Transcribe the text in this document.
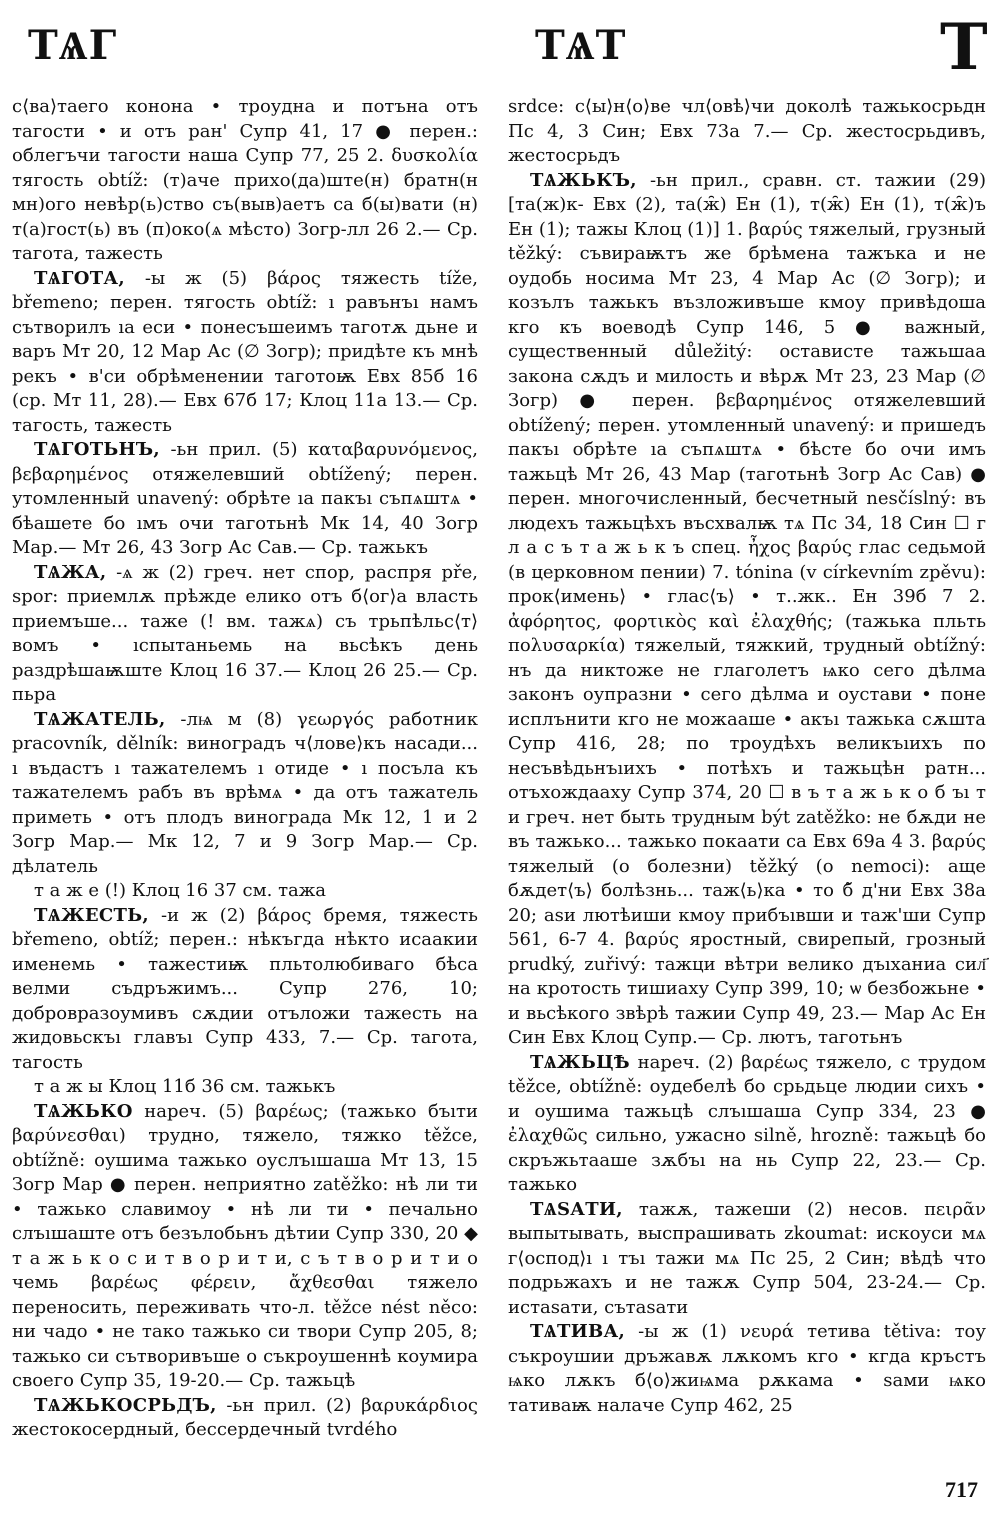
ТѦГ	ТѦТ	Т
с⟨ва⟩таего конона • троуднa и потънa отъ тагости • и отъ ран' Супр 41, 17 ● перен.: облегъчи тагости наша Супр 77, 25 2. δυσκολία тягость obtíž: (т)аче прихо(да)ште(н) братн(н мн)ого невѣр(ь)ство съ(выв)аетъ са б(ы)вати (н) т(а)гост(ь) въ (п)око(ѧ мѣсто) Зогр-лл 26 2.— Ср. тагота, тажесть
ТѦГОТА, -ы ж (5) βάρος тяжесть tíže, břemeno; перен. тягость obtíž: ı равънъı намъ сътворилъ ıа еси • понесъшеимъ таготѫ дьне и варъ Мт 20, 12 Мар Ас (∅ Зогр); придѣте къ мнѣ рекъ • в'си обрѣменении таготоѭ Евх 85б 16 (ср. Мт 11, 28).— Евх 67б 17; Клоц 11а 13.— Ср. тагость, тажесть
ТѦГОТЬНЪ, -ьн прил. (5) καταβαρυνόμενος, βεβαρημένος отяжелевший obtížený; перен. утомленный unavený: обрѣте ıа пакъı съпѧштѧ • бѣашете бо ıмъ очи таготьнѣ Мк 14, 40 Зогр Мар.— Мт 26, 43 Зогр Ас Сав.— Ср. тажькъ
ТѦЖА, -ѧ ж (2) греч. нет спор, распря pře, spor: приемлѫ прѣжде елико отъ б⟨ог⟩а власть приемъше... таже (! вм. тажѧ) съ трьпѣльс⟨т⟩вомъ • ıспытаньемь на вьсѣкъ день раздрѣшаѭште Клоц 16 37.— Клоц 26 25.— Ср. пьра
ТѦЖАТЕЛЬ, -лѩ м (8) γεωργός работник pracovník, dělník: виноградъ ч⟨лове⟩къ насади... ı въдастъ ı тажателемъ ı отиде • ı посъла къ тажателемъ рабъ въ врѣмѧ • да отъ тажатель приметь • отъ плодъ винограда Мк 12, 1 и 2 Зогр Мар.— Мк 12, 7 и 9 Зогр Мар.— Ср. дѣлатель
т а ж е (!) Клоц 16 37 см. тажа
ТѦЖЕСТЬ, -и ж (2) βάρος бремя, тяжесть břemeno, obtíž; перен.: нѣкъгда нѣкто исаакии именемь • тажестиѭ пльтолюбиваго бѣса велми съдръжимъ... Супр 276, 10; добровразоумивъ сѫдии отъложи тажесть на жидовьскъı главъı Супр 433, 7.— Ср. тагота, тагость
т а ж ы Клоц 11б 36 см. тажькъ
ТѦЖЬКО нареч. (5) βαρέως; (тажько бъıти βαρύνεσθαι) трудно, тяжело, тяжко těžce, obtížně: оушима тажько оуслъıшаша Мт 13, 15 Зогр Мар ● перен. неприятно zatěžko: нѣ ли ти • тажько славимоу • нѣ ли ти • печально слъıшаште отъ безълобьнъ дѣтии Супр 330, 20 ◆ т а ж ь к о с и т в о р и т и, с ъ т в о р и т и о чемь βαρέως φέρειν, ἄχθεσθαι тяжело переносить, переживать что-л. těžce nést něco: ни чадо • не тако тажько си твори Супр 205, 8; тажько си сътворивъше о съкроушеннѣ коумира своего Супр 35, 19-20.— Ср. тажьцѣ
ТѦЖЬКОСРЬДЪ, -ьн прил. (2) βαρυκάρδιος жестокосердный, бессердечный tvrdého
srdce: с⟨ы⟩н⟨о⟩ве чл⟨овѣ⟩чи доколѣ тажькосрьдн Пс 4, 3 Син; Евх 73а 7.— Ср. жестосрьдивъ, жестосрьдъ
ТѦЖЬКЪ, -ьн прил., сравн. ст. тажии (29) [та(ж)к- Евх (2), та(ж̑) Ен (1), т(ж̑) Ен (1), т(ж̑)ъ Ен (1); тажы Клоц (1)] 1. βαρύς тяжелый, грузный těžký: съвираѭтъ же брѣмена тажъка и не оудобь носима Мт 23, 4 Мар Ас (∅ Зогр); и козълъ тажькъ възложивъше кмоу привѣдоша кго къ воеводѣ Супр 146, 5 ● важный, существенный důležitý: остависте тажьшаа закона сѫдъ и милость и вѣрѫ Мт 23, 23 Мар (∅ Зогр) ● перен. βεβαρημένος отяжелевший obtížený; перен. утомленный unavený: и пришедъ пакъı обрѣте ıа съпѧштѧ • бѣсте бо очи имъ тажьцѣ Мт 26, 43 Мар (таготьнѣ Зогр Ас Сав) ● перен. многочисленный, бесчетный nesčíslný: въ людехъ тажьцѣхъ въсхвалѭ тѧ Пс 34, 18 Син ☐ г л а с ъ т а ж ь к ъ спец. ἦχος βαρύς глас седьмой (в церковном пении) 7. tónina (v církevním zpěvu): прок⟨имень⟩ • глас⟨ъ⟩ • т..жк.. Ен 39б 7 2. ἀφόρητος, φορτικὸς καὶ ἐλαχθής; (тажька пльть πολυσαρκία) тяжелый, тяжкий, трудный obtížný: нъ да никтоже не глаголетъ ѩко сего дѣлма законъ оупразни • сего дѣлма и оустави • поне исплънити кго не можааше • акъı тажька сѫшта Супр 416, 28; по троудѣхъ великъıихъ по несъвѣдьнъıихъ • потѣхъ и тажьцѣн ратн... отъхождааху Супр 374, 20 ☐ в ъ т а ж ь к о б ъı т и греч. нет быть трудным být zatěžko: не бѫди не въ тажько... тажько покаати са Евх 69а 4 3. βαρύς тяжелый (о болезни) těžký (o nemoci): аще бѫдет⟨ъ⟩ болѣзнь... таж⟨ь⟩ка • то б̃ д'ни Евх 38а 20; аѕи лютѣиши кмоу прибъıвши и таж'ши Супр 561, 6-7 4. βαρύς яростный, свирепый, грозный prudký, zuřivý: тажци вѣтри велико дъıханиа сил҃ на кротость тишиаху Супр 399, 10; ѡ безбожьне • и вьсѣкого звѣрѣ тажии Супр 49, 23.— Мар Ас Ен Син Евх Клоц Супр.— Ср. лютъ, таготьнъ
ТѦЖЬЦѢ нареч. (2) βαρέως тяжело, с трудом těžce, obtížně: оудебелѣ бо срьдьце людии сихъ • и оушима тажьцѣ слъıшаша Супр 334, 23 ● ἐλαχθῶς сильно, ужасно silně, hrozně: тажьцѣ бо скръжьтааше зѫбъı на нь Супр 22, 23.— Ср. тажько
ТѦЅАТИ, тажѫ, тажеши (2) несов. πειρᾶν выпытывать, выспрашивать zkoumat: искоуси мѧ г⟨оспод⟩ı ı тъı тажи мѧ Пс 25, 2 Син; вѣдѣ что подрьжахъ и не тажѫ Супр 504, 23-24.— Ср. истаѕати, сътаѕати
ТѦТИВА, -ы ж (1) νευρά тетива tětiva: тоу съкроушии дръжавѫ лѫкомъ кго • кгда кръстъ ѩко лѫкъ б⟨о⟩жиѩма рѫкама • ѕами ѩко тативаѭ налаче Супр 462, 25
717
